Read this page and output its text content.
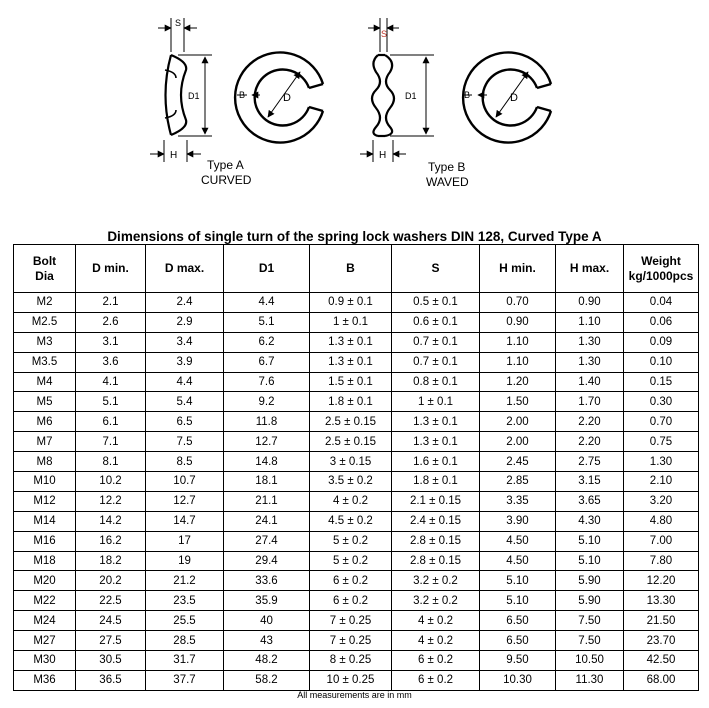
S
D1
H
B	D
Type A
CURVED
S
D1
H
B	D
Type B
WAVED
Dimensions of single turn of the spring lock washers DIN 128, Curved Type A
Bolt
Dia	D min.	D max.	D1	B	S	H min.	H max.	Weight
kg/1000pcs
M2	2.1	2.4	4.4	0.9 ± 0.1	0.5 ± 0.1	0.70	0.90	0.04
M2.5	2.6	2.9	5.1	1 ± 0.1	0.6 ± 0.1	0.90	1.10	0.06
M3	3.1	3.4	6.2	1.3 ± 0.1	0.7 ± 0.1	1.10	1.30	0.09
M3.5	3.6	3.9	6.7	1.3 ± 0.1	0.7 ± 0.1	1.10	1.30	0.10
M4	4.1	4.4	7.6	1.5 ± 0.1	0.8 ± 0.1	1.20	1.40	0.15
M5	5.1	5.4	9.2	1.8 ± 0.1	1 ± 0.1	1.50	1.70	0.30
M6	6.1	6.5	11.8	2.5 ± 0.15	1.3 ± 0.1	2.00	2.20	0.70
M7	7.1	7.5	12.7	2.5 ± 0.15	1.3 ± 0.1	2.00	2.20	0.75
M8	8.1	8.5	14.8	3 ± 0.15	1.6 ± 0.1	2.45	2.75	1.30
M10	10.2	10.7	18.1	3.5 ± 0.2	1.8 ± 0.1	2.85	3.15	2.10
M12	12.2	12.7	21.1	4 ± 0.2	2.1 ± 0.15	3.35	3.65	3.20
M14	14.2	14.7	24.1	4.5 ± 0.2	2.4 ± 0.15	3.90	4.30	4.80
M16	16.2	17	27.4	5 ± 0.2	2.8 ± 0.15	4.50	5.10	7.00
M18	18.2	19	29.4	5 ± 0.2	2.8 ± 0.15	4.50	5.10	7.80
M20	20.2	21.2	33.6	6 ± 0.2	3.2 ± 0.2	5.10	5.90	12.20
M22	22.5	23.5	35.9	6 ± 0.2	3.2 ± 0.2	5.10	5.90	13.30
M24	24.5	25.5	40	7 ± 0.25	4 ± 0.2	6.50	7.50	21.50
M27	27.5	28.5	43	7 ± 0.25	4 ± 0.2	6.50	7.50	23.70
M30	30.5	31.7	48.2	8 ± 0.25	6 ± 0.2	9.50	10.50	42.50
M36	36.5	37.7	58.2	10 ± 0.25	6 ± 0.2	10.30	11.30	68.00
All measurements are in mm
